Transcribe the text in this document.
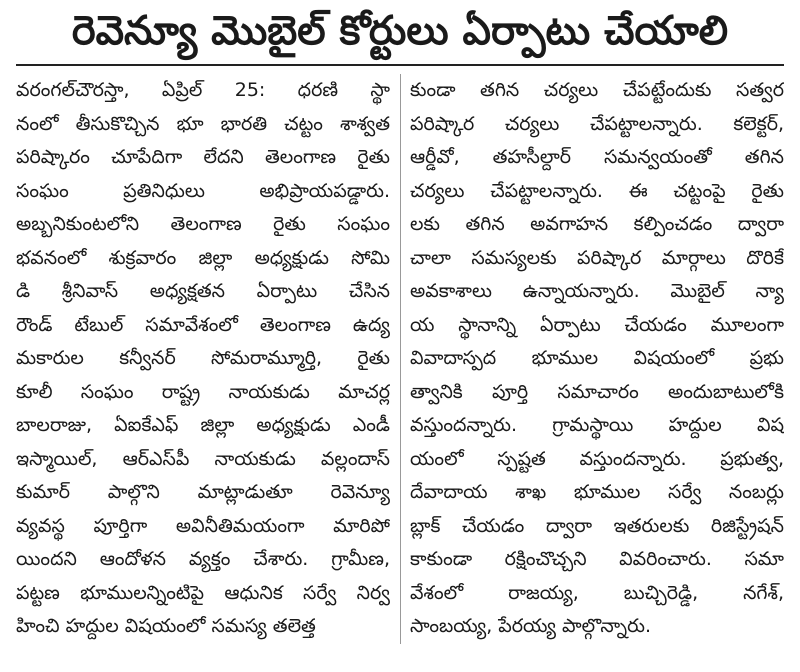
రెవెన్యూ మొబైల్ కోర్టులు ఏర్పాటు చేయాలి
వరంగల్‌చౌరస్తా, ఏప్రిల్ 25: ధరణి స్థా
నంలో తీసుకొచ్చిన భూ భారతి చట్టం శాశ్వత
పరిష్కారం చూపేదిగా లేదని తెలంగాణ రైతు
సంఘం ప్రతినిధులు అభిప్రాయపడ్డారు.
అబ్బనికుంటలోని తెలంగాణ రైతు సంఘం
భవనంలో శుక్రవారం జిల్లా అధ్యక్షుడు సోమి
డి శ్రీనివాస్ అధ్యక్షతన ఏర్పాటు చేసిన
రౌండ్ టేబుల్ సమావేశంలో తెలంగాణ ఉద్య
మకారుల కన్వీనర్ సోమరామ్మూర్తి, రైతు
కూలీ సంఘం రాష్ట్ర నాయకుడు మాచర్ల
బాలరాజు, ఏఐకేఎఫ్ జిల్లా అధ్యక్షుడు ఎండీ
ఇస్మాయిల్, ఆర్ఎస్‌పీ నాయకుడు వల్లందాస్
కుమార్ పాల్గొని మాట్లాడుతూ రెవెన్యూ
వ్యవస్థ పూర్తిగా అవినీతిమయంగా మారిపో
యిందని ఆందోళన వ్యక్తం చేశారు. గ్రామీణ,
పట్టణ భూములన్నింటిపై ఆధునిక సర్వే నిర్వ
హించి హద్దుల విషయంలో సమస్య తలెత్త
కుండా తగిన చర్యలు చేపట్టేందుకు సత్వర
పరిష్కార చర్యలు చేపట్టాలన్నారు. కలెక్టర్,
ఆర్డీవో, తహసీల్దార్ సమన్వయంతో తగిన
చర్యలు చేపట్టాలన్నారు. ఈ చట్టంపై రైతు
లకు తగిన అవగాహన కల్పించడం ద్వారా
చాలా సమస్యలకు పరిష్కార మార్గాలు దొరికే
అవకాశాలు ఉన్నాయన్నారు. మొబైల్ న్యా
య స్థానాన్ని ఏర్పాటు చేయడం మూలంగా
వివాదాస్పద భూముల విషయంలో ప్రభు
త్వానికి పూర్తి సమాచారం అందుబాటులోకి
వస్తుందన్నారు. గ్రామస్థాయి హద్దుల విష
యంలో స్పష్టత వస్తుందన్నారు. ప్రభుత్వ,
దేవాదాయ శాఖ భూముల సర్వే నంబర్లు
బ్లాక్ చేయడం ద్వారా ఇతరులకు రిజిస్ట్రేషన్
కాకుండా రక్షించొచ్చని వివరించారు. సమా
వేశంలో రాజయ్య, బుచ్చిరెడ్డి, నగేశ్,
సాంబయ్య, పేరయ్య పాల్గొన్నారు.
